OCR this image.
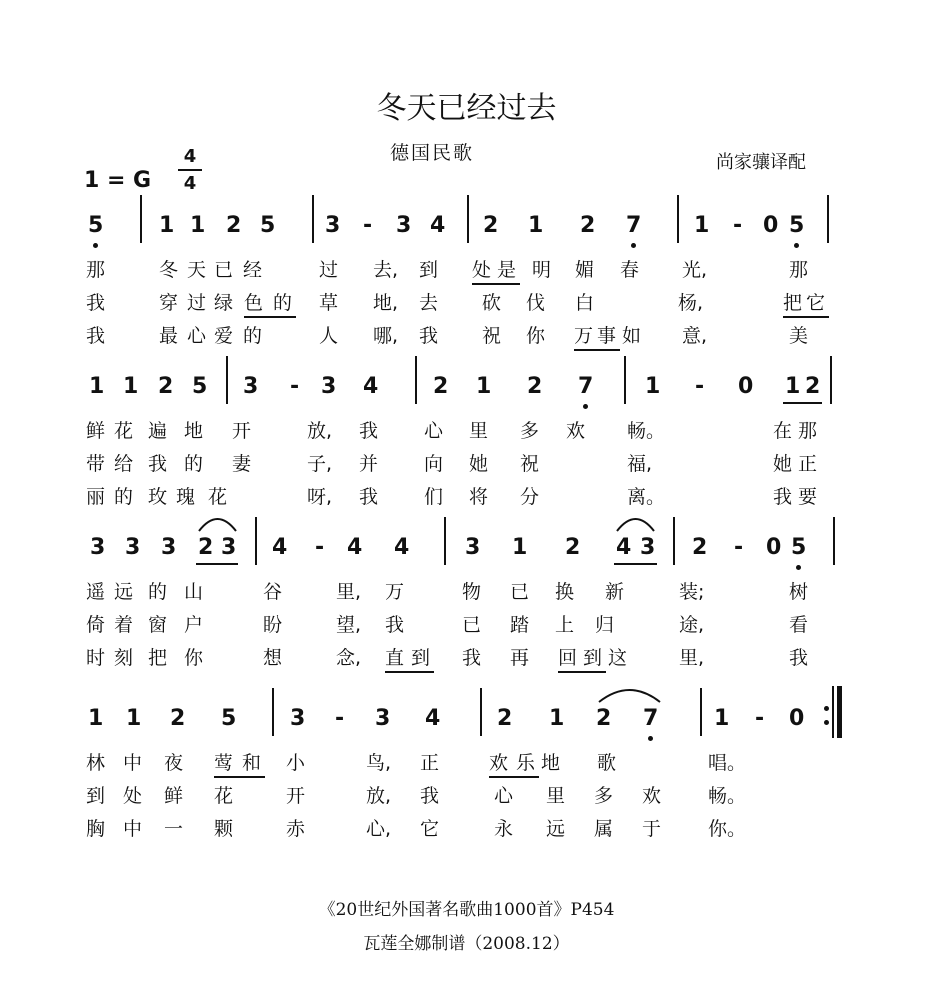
冬天已经过去
德国民歌	尚家骧译配
1 = G $\frac{4}{4}$
5	1 1 2 5 3 - 3 4 2 1 2 7 1 - 0 5
那	冬 天 已 经	过 去, 到 处 是 明 媚 春 光,	那
我	穿 过 绿 色 的 草 地, 去 砍 伐 白	杨,	把 它
我	最 心 爱 的	人 哪, 我 祝 你 万 事 如 意,	美
1 1 2 5 3 - 3 4 2 1 2 7 1 - 0 1 2
鲜 花 遍 地 开	放, 我 心 里 多 欢 畅。	在 那
带 给 我 的 妻	子, 并 向 她 祝	福,	她 正
丽 的 玫 瑰 花	呀, 我 们 将 分	离。	我 要
3 3 3 2 3 4 - 4 4	3 1 2 4 3 2 - 0 5
遥 远 的 山	谷	里, 万	物 已 换 新	装;	树
倚 着 窗 户	盼	望, 我	已 踏 上 归	途,	看
时 刻 把 你	想	念, 直 到 我 再 回 到 这	里,	我
1 1 2 5 3 - 3 4	2 1 2 7	1 - 0
林 中 夜 莺 和 小	鸟, 正	欢 乐 地 歌	唱。
到 处 鲜 花	开	放, 我	心 里 多 欢 畅。
胸 中 一 颗	赤	心, 它	永 远 属 于 你。
《20世纪外国著名歌曲1000首》P454
瓦莲全娜制谱（2008.12）
